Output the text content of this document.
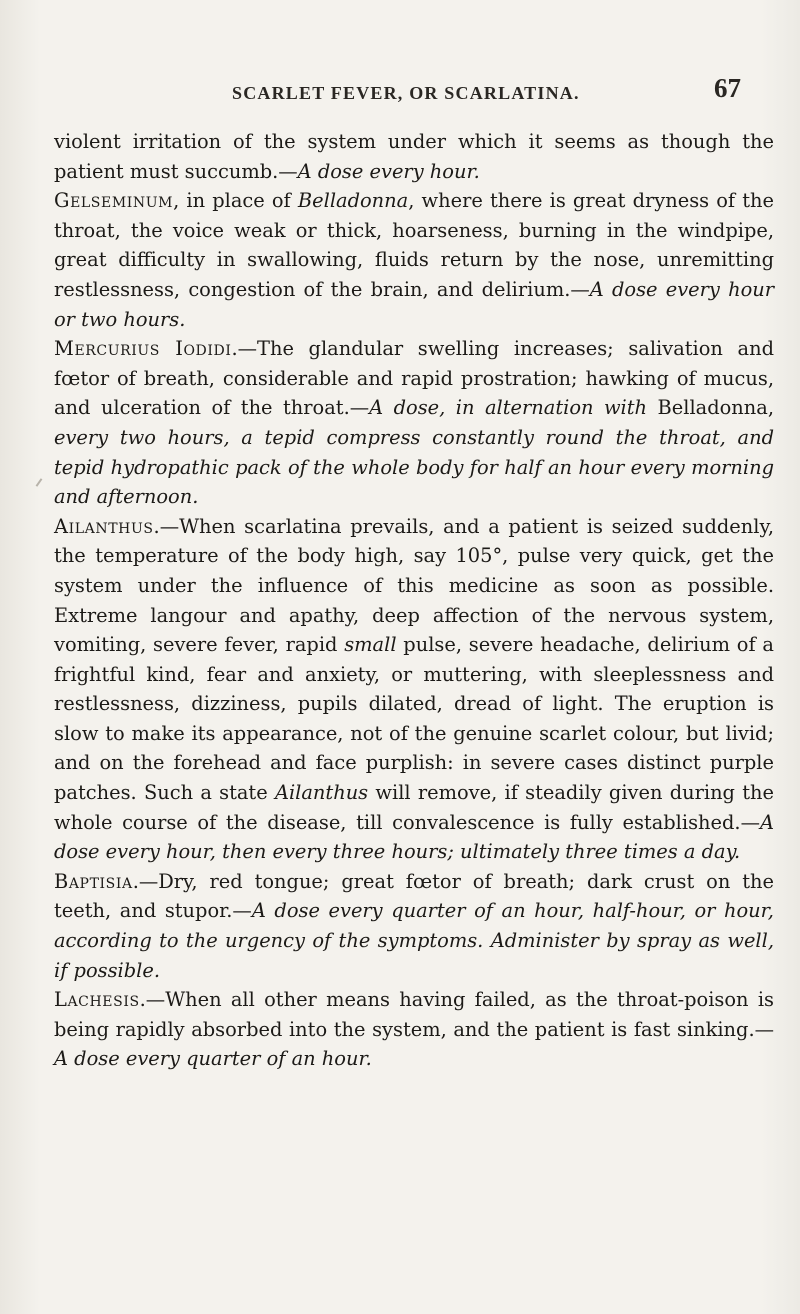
SCARLET FEVER, OR SCARLATINA.	67

violent irritation of the system under which it seems as though the patient must succumb.—A dose every hour.

Gelseminum, in place of Belladonna, where there is great dryness of the throat, the voice weak or thick, hoarseness, burning in the windpipe, great difficulty in swallowing, fluids return by the nose, unremitting restlessness, congestion of the brain, and delirium.—A dose every hour or two hours.

Mercurius Iodidi.—The glandular swelling increases; salivation and fœtor of breath, considerable and rapid prostration; hawking of mucus, and ulceration of the throat.—A dose, in alternation with Belladonna, every two hours, a tepid compress constantly round the throat, and tepid hydropathic pack of the whole body for half an hour every morning and afternoon.

Ailanthus.—When scarlatina prevails, and a patient is seized suddenly, the temperature of the body high, say 105°, pulse very quick, get the system under the influence of this medicine as soon as possible. Extreme langour and apathy, deep affection of the nervous system, vomiting, severe fever, rapid small pulse, severe headache, delirium of a frightful kind, fear and anxiety, or muttering, with sleeplessness and restlessness, dizziness, pupils dilated, dread of light. The eruption is slow to make its appearance, not of the genuine scarlet colour, but livid; and on the forehead and face purplish: in severe cases distinct purple patches. Such a state Ailanthus will remove, if steadily given during the whole course of the disease, till convalescence is fully established.—A dose every hour, then every three hours; ultimately three times a day.

Baptisia.—Dry, red tongue; great fœtor of breath; dark crust on the teeth, and stupor.—A dose every quarter of an hour, half-hour, or hour, according to the urgency of the symptoms. Administer by spray as well, if possible.

Lachesis.—When all other means having failed, as the throat-poison is being rapidly absorbed into the system, and the patient is fast sinking.—A dose every quarter of an hour.
